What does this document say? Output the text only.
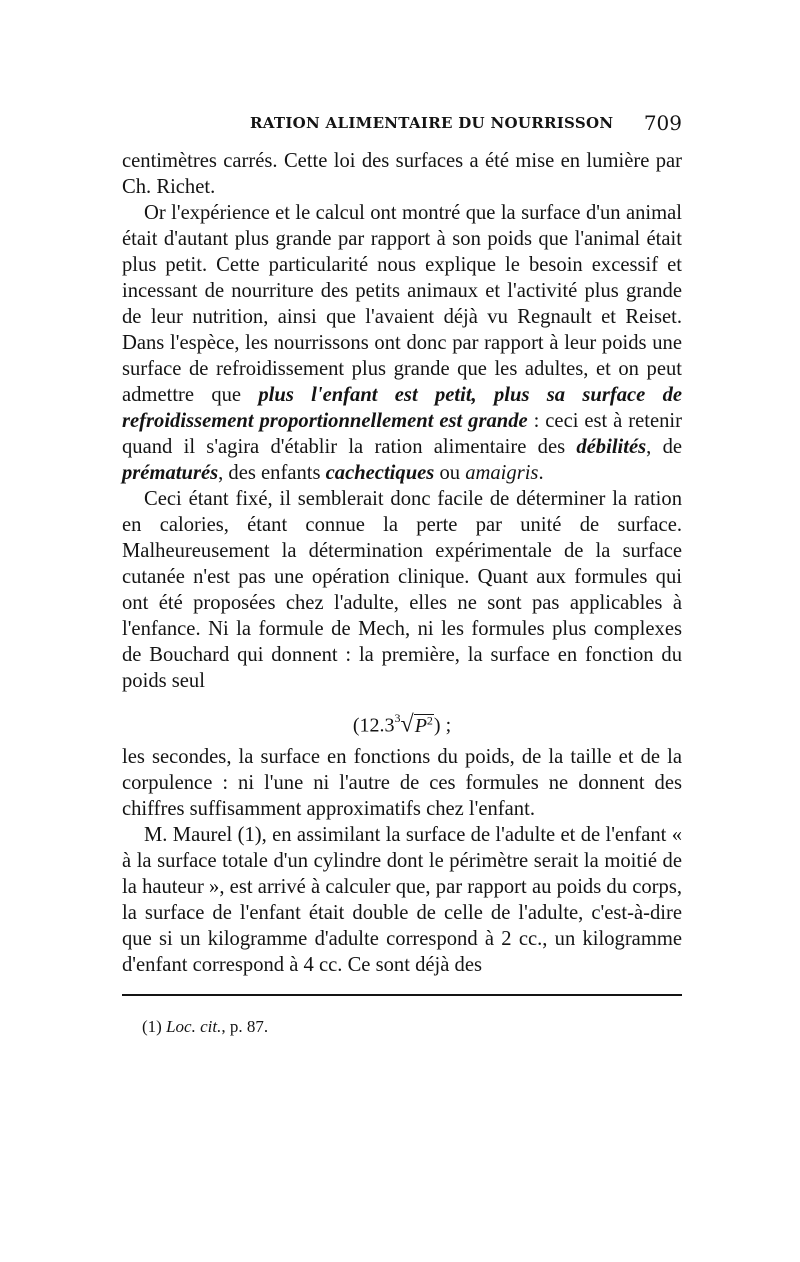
RATION ALIMENTAIRE DU NOURRISSON 709

centimètres carrés. Cette loi des surfaces a été mise en lumière par Ch. Richet.

Or l'expérience et le calcul ont montré que la surface d'un animal était d'autant plus grande par rapport à son poids que l'animal était plus petit. Cette particularité nous explique le besoin excessif et incessant de nourriture des petits animaux et l'activité plus grande de leur nutrition, ainsi que l'avaient déjà vu Regnault et Reiset. Dans l'espèce, les nourrissons ont donc par rapport à leur poids une surface de refroidissement plus grande que les adultes, et on peut admettre que plus l'enfant est petit, plus sa surface de refroidissement proportionnellement est grande : ceci est à retenir quand il s'agira d'établir la ration alimentaire des débilités, de prématurés, des enfants cachectiques ou amaigris.

Ceci étant fixé, il semblerait donc facile de déterminer la ration en calories, étant connue la perte par unité de surface. Malheureusement la détermination expérimentale de la surface cutanée n'est pas une opération clinique. Quant aux formules qui ont été proposées chez l'adulte, elles ne sont pas applicables à l'enfance. Ni la formule de Mech, ni les formules plus complexes de Bouchard qui donnent : la première, la surface en fonction du poids seul

$(12.3^3√P^2)$ ;

les secondes, la surface en fonctions du poids, de la taille et de la corpulence : ni l'une ni l'autre de ces formules ne donnent des chiffres suffisamment approximatifs chez l'enfant.

M. Maurel (1), en assimilant la surface de l'adulte et de l'enfant « à la surface totale d'un cylindre dont le périmètre serait la moitié de la hauteur », est arrivé à calculer que, par rapport au poids du corps, la surface de l'enfant était double de celle de l'adulte, c'est-à-dire que si un kilogramme d'adulte correspond à 2 cc., un kilogramme d'enfant correspond à 4 cc. Ce sont déjà des

(1) Loc. cit., p. 87.
